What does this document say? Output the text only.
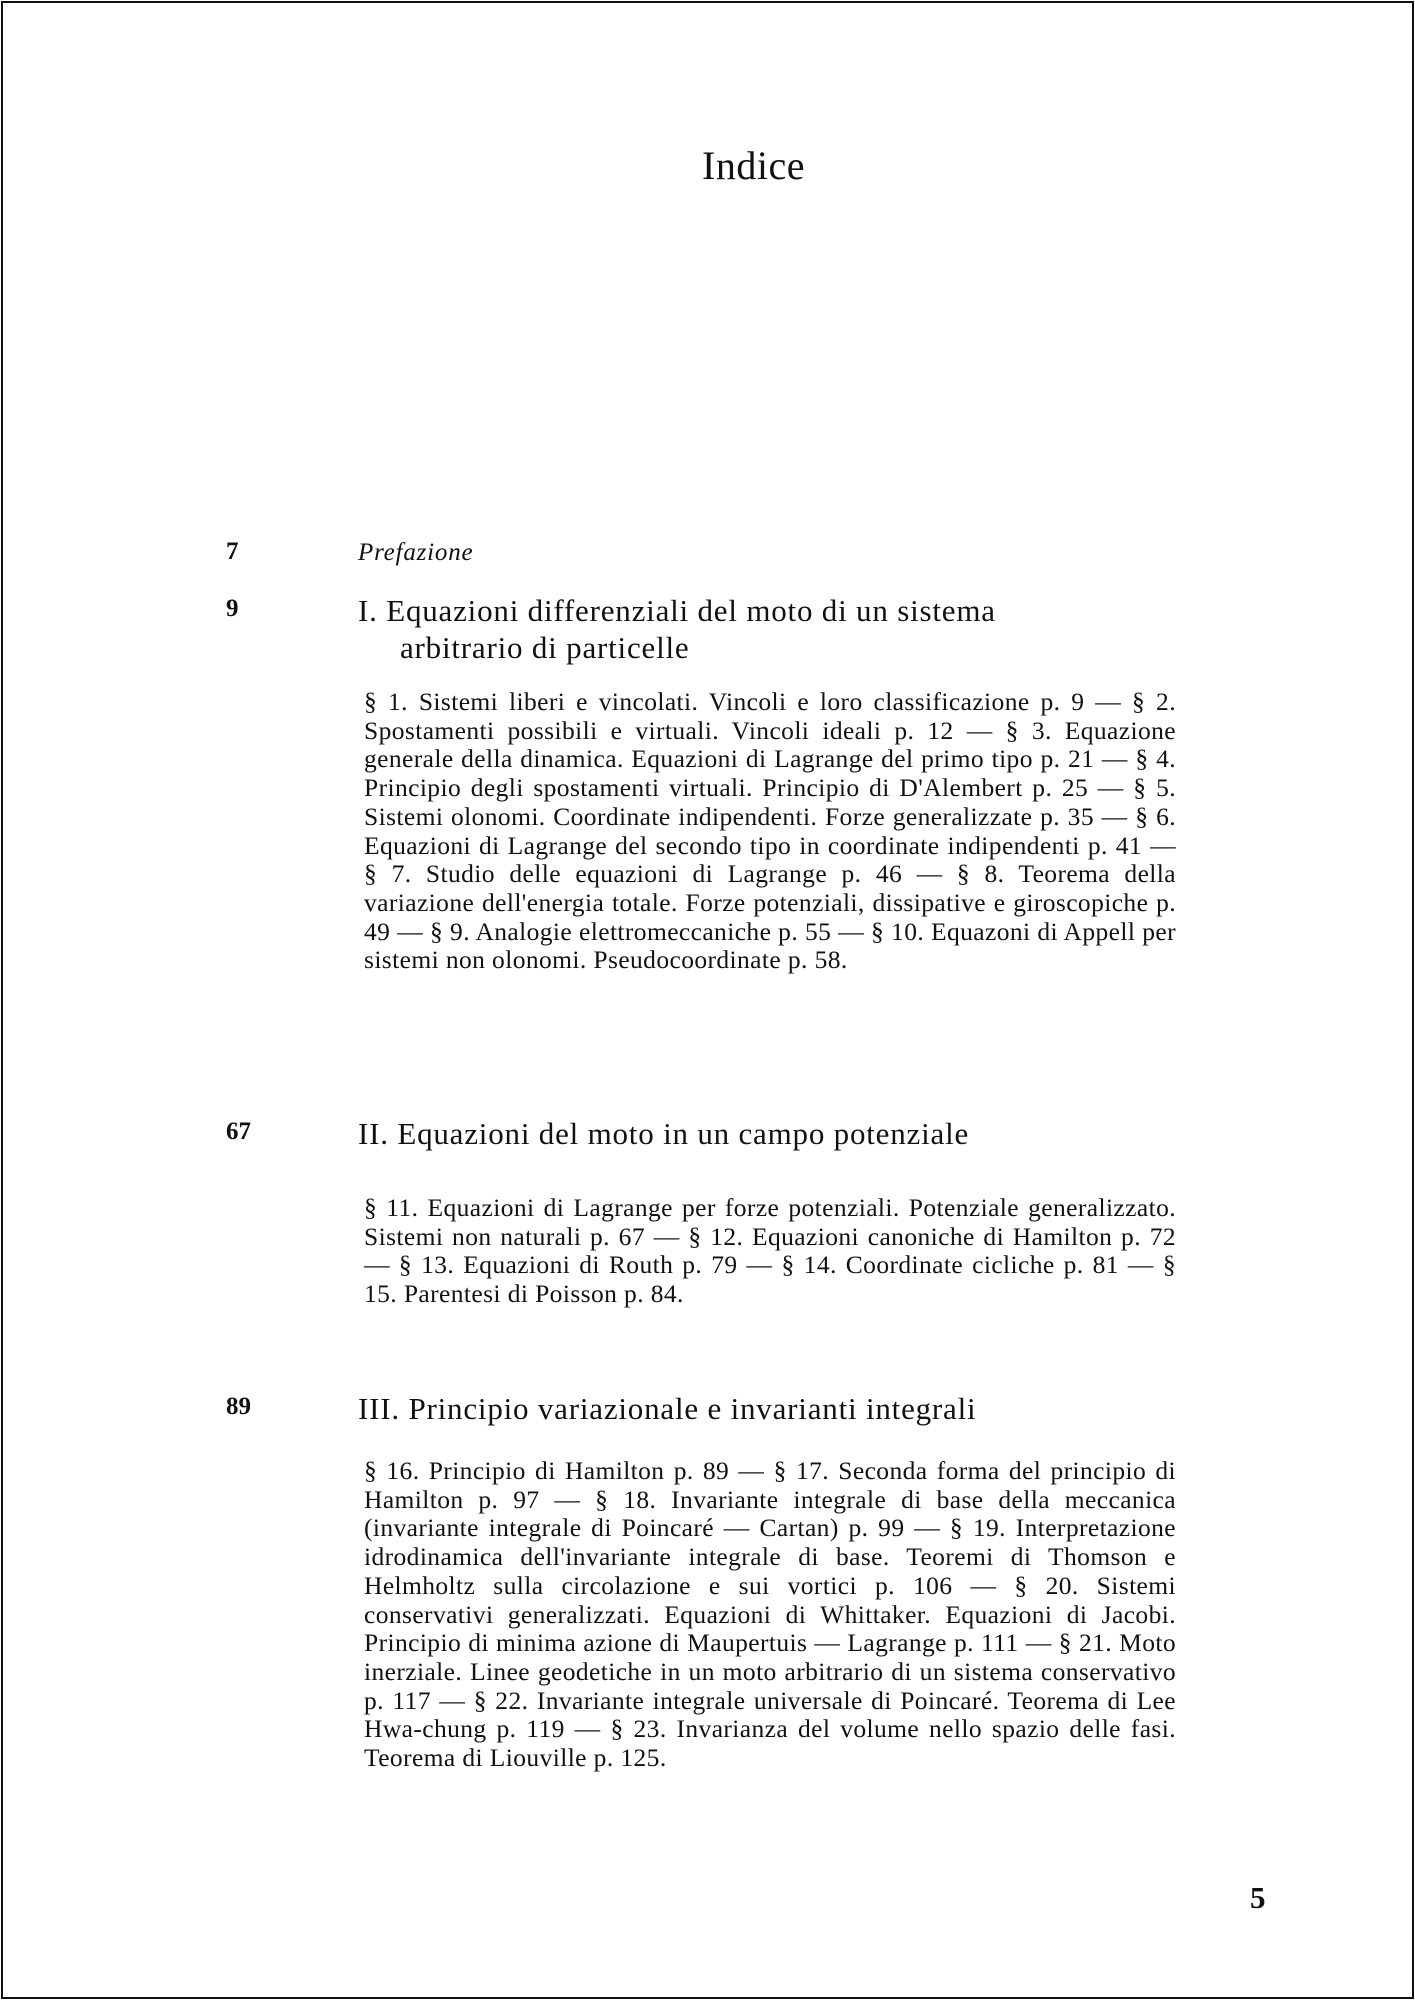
Indice
7	Prefazione
9	I. Equazioni differenziali del moto di un sistema
arbitrario di particelle
§ 1. Sistemi liberi e vincolati. Vincoli e loro classificazione p. 9 — § 2. Spostamenti possibili e virtuali. Vincoli ideali p. 12 — § 3. Equazione generale della dinamica. Equazioni di Lagrange del primo tipo p. 21 — § 4. Principio degli spostamenti virtuali. Principio di D'Alembert p. 25 — § 5. Sistemi olonomi. Coordinate indipendenti. Forze generalizzate p. 35 — § 6. Equazioni di Lagrange del secondo tipo in coordinate indipendenti p. 41 — § 7. Studio delle equazioni di Lagrange p. 46 — § 8. Teorema della variazione dell'energia totale. Forze potenziali, dissipative e giroscopiche p. 49 — § 9. Analogie elettromeccaniche p. 55 — § 10. Equazoni di Appell per sistemi non olonomi. Pseudocoordinate p. 58.
67	II. Equazioni del moto in un campo potenziale
§ 11. Equazioni di Lagrange per forze potenziali. Potenziale generalizzato. Sistemi non naturali p. 67 — § 12. Equazioni canoniche di Hamilton p. 72 — § 13. Equazioni di Routh p. 79 — § 14. Coordinate cicliche p. 81 — § 15. Parentesi di Poisson p. 84.
89	III. Principio variazionale e invarianti integrali
§ 16. Principio di Hamilton p. 89 — § 17. Seconda forma del principio di Hamilton p. 97 — § 18. Invariante integrale di base della meccanica (invariante integrale di Poincaré — Cartan) p. 99 — § 19. Interpretazione idrodinamica dell'invariante integrale di base. Teoremi di Thomson e Helmholtz sulla circolazione e sui vortici p. 106 — § 20. Sistemi conservativi generalizzati. Equazioni di Whittaker. Equazioni di Jacobi. Principio di minima azione di Maupertuis — Lagrange p. 111 — § 21. Moto inerziale. Linee geodetiche in un moto arbitrario di un sistema conservativo p. 117 — § 22. Invariante integrale universale di Poincaré. Teorema di Lee Hwa-chung p. 119 — § 23. Invarianza del volume nello spazio delle fasi. Teorema di Liouville p. 125.
5
